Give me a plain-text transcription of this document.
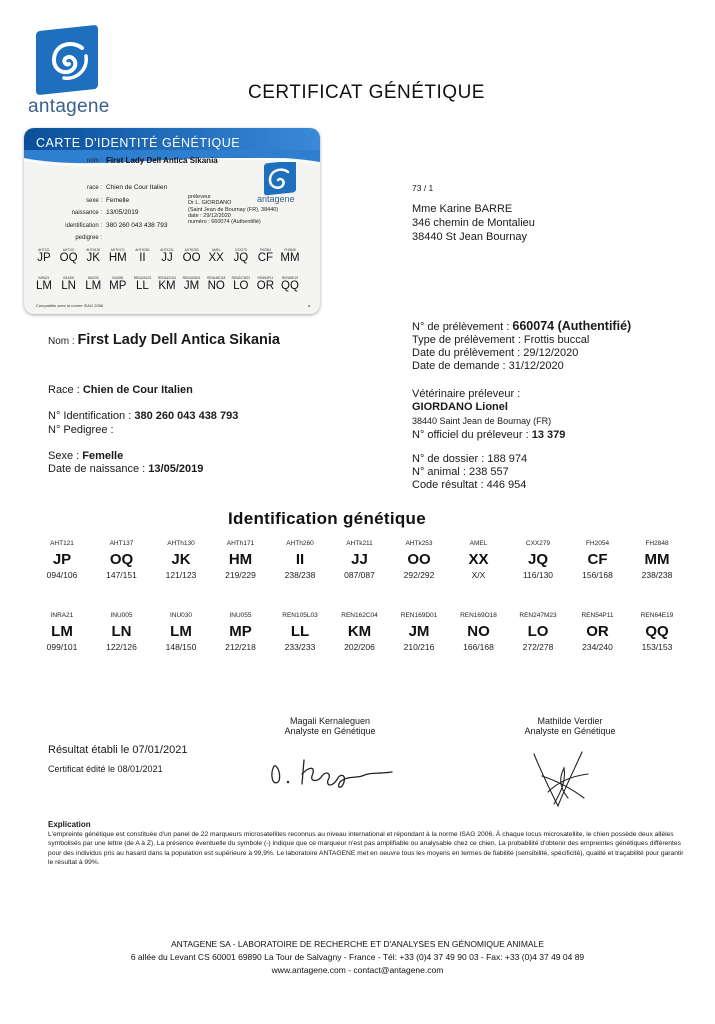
antagene
CERTIFICAT GÉNÉTIQUE
CARTE D'IDENTITÉ GÉNÉTIQUE
nom : First Lady Dell Antica Sikania
antagene
race : Chien de Cour Italien
sexe : Femelle
naissance : 13/05/2019
identification : 380 260 043 438 793
pedigree :
préleveur
Dr L. GIORDANO
(Saint Jean de Bournay (FR), 38440)
date : 29/12/2020
numéro : 660074 (Authentifié)
AHT121
JP
AHT137
OQ
AHTH130
JK
AHTH171
HM
AHTH260
II
AHTK211
JJ
AHTK253
OO
AMEL
XX
CXX279
JQ
FH2054
CF
FH2848
MM
INRA21
LM
INU005
LN
INU030
LM
INU055
MP
REN105L03
LL
REN162C04
KM
REN169D01
JM
REN169O18
NO
REN247M23
LO
REN54P11
OR
REN64E19
QQ
Compatible avec la norme ISAG 2006	a
73 / 1
Mme Karine BARRE
346 chemin de Montalieu
38440 St Jean Bournay
N° de prélèvement : 660074 (Authentifié)
Type de prélèvement : Frottis buccal
Date du prélèvement : 29/12/2020
Date de demande : 31/12/2020
Vétérinaire préleveur :
GIORDANO Lionel
38440 Saint Jean de Bournay (FR)
N° officiel du préleveur : 13 379
N° de dossier : 188 974
N° animal : 238 557
Code résultat : 446 954
Nom : First Lady Dell Antica Sikania
Race : Chien de Cour Italien
N° Identification : 380 260 043 438 793
N° Pedigree :
Sexe : Femelle
Date de naissance : 13/05/2019
Identification génétique
AHT121
JP
094/106
AHT137
OQ
147/151
AHTh130
JK
121/123
AHTh171
HM
219/229
AHTh260
II
238/238
AHTk211
JJ
087/087
AHTk253
OO
292/292
AMEL
XX
X/X
CXX279
JQ
116/130
FH2054
CF
156/168
FH2848
MM
238/238
INRA21
LM
099/101
INU005
LN
122/126
INU030
LM
148/150
INU055
MP
212/218
REN105L03
LL
233/233
REN162C04
KM
202/206
REN169D01
JM
210/216
REN169O18
NO
166/168
REN247M23
LO
272/278
REN54P11
OR
234/240
REN64E19
QQ
153/153
Magali Kernaleguen
Analyste en Génétique
Mathilde Verdier
Analyste en Génétique
Résultat établi le 07/01/2021
Certificat édité le 08/01/2021
Explication
L'empreinte génétique est constituée d'un panel de 22 marqueurs microsatellites reconnus au niveau international et répondant à la norme ISAG 2006. À chaque locus microsatellite, le chien possède deux allèles symbolisés par une lettre (de A à Z). La présence éventuelle du symbole (-) indique que ce marqueur n'est pas amplifiable ou analysable chez ce chien. La probabilité d'obtenir des empreintes génétiques différentes pour des individus pris au hasard dans la population est supérieure à 99,9%. Le laboratoire ANTAGENE met en oeuvre tous les moyens en termes de fiabilité (sensibilité, spécificité), qualité et traçabilité pour garantir le résultat à 99%.
ANTAGENE SA - LABORATOIRE DE RECHERCHE ET D'ANALYSES EN GÉNOMIQUE ANIMALE
6 allée du Levant CS 60001 69890 La Tour de Salvagny - France - Tél: +33 (0)4 37 49 90 03 - Fax: +33 (0)4 37 49 04 89
www.antagene.com - contact@antagene.com
